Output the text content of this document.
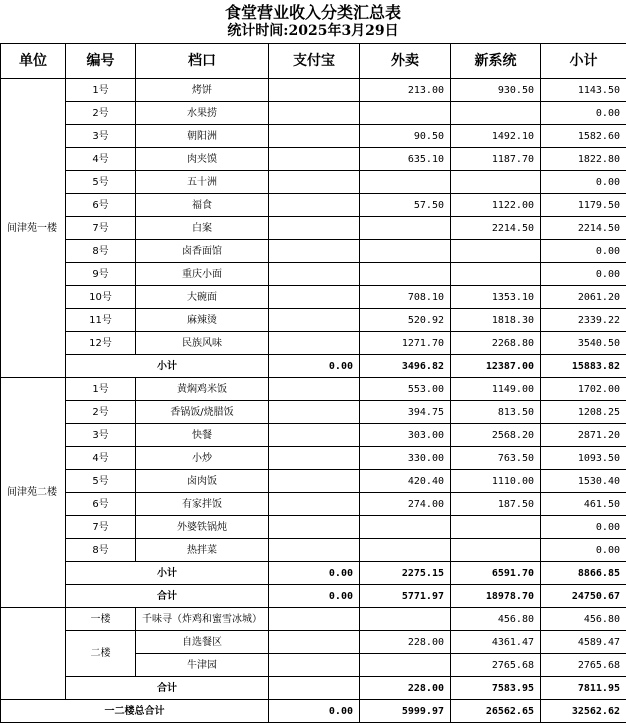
食堂营业收入分类汇总表
统计时间:2025年3月29日
单位	编号	档口	支付宝	外卖	新系统	小计
间津苑一楼	1号	烤饼		213.00	930.50	1143.50
	2号	水果捞				0.00
	3号	朝阳洲		90.50	1492.10	1582.60
	4号	肉夹馍		635.10	1187.70	1822.80
	5号	五十洲				0.00
	6号	福食		57.50	1122.00	1179.50
	7号	白案			2214.50	2214.50
	8号	卤香面馆				0.00
	9号	重庆小面				0.00
	10号	大碗面		708.10	1353.10	2061.20
	11号	麻辣烫		520.92	1818.30	2339.22
	12号	民族风味		1271.70	2268.80	3540.50
	小计		0.00	3496.82	12387.00	15883.82
间津苑二楼	1号	黄焖鸡米饭		553.00	1149.00	1702.00
	2号	香锅饭/烧腊饭		394.75	813.50	1208.25
	3号	快餐		303.00	2568.20	2871.20
	4号	小炒		330.00	763.50	1093.50
	5号	卤肉饭		420.40	1110.00	1530.40
	6号	有家拌饭		274.00	187.50	461.50
	7号	外婆铁锅炖				0.00
	8号	热拌菜				0.00
	小计		0.00	2275.15	6591.70	8866.85
	合计		0.00	5771.97	18978.70	24750.67
	一楼	千味寻（炸鸡和蜜雪冰城）			456.80	456.80
	二楼	自选餐区		228.00	4361.47	4589.47
		牛津园			2765.68	2765.68
	合计			228.00	7583.95	7811.95
一二楼总合计			0.00	5999.97	26562.65	32562.62
